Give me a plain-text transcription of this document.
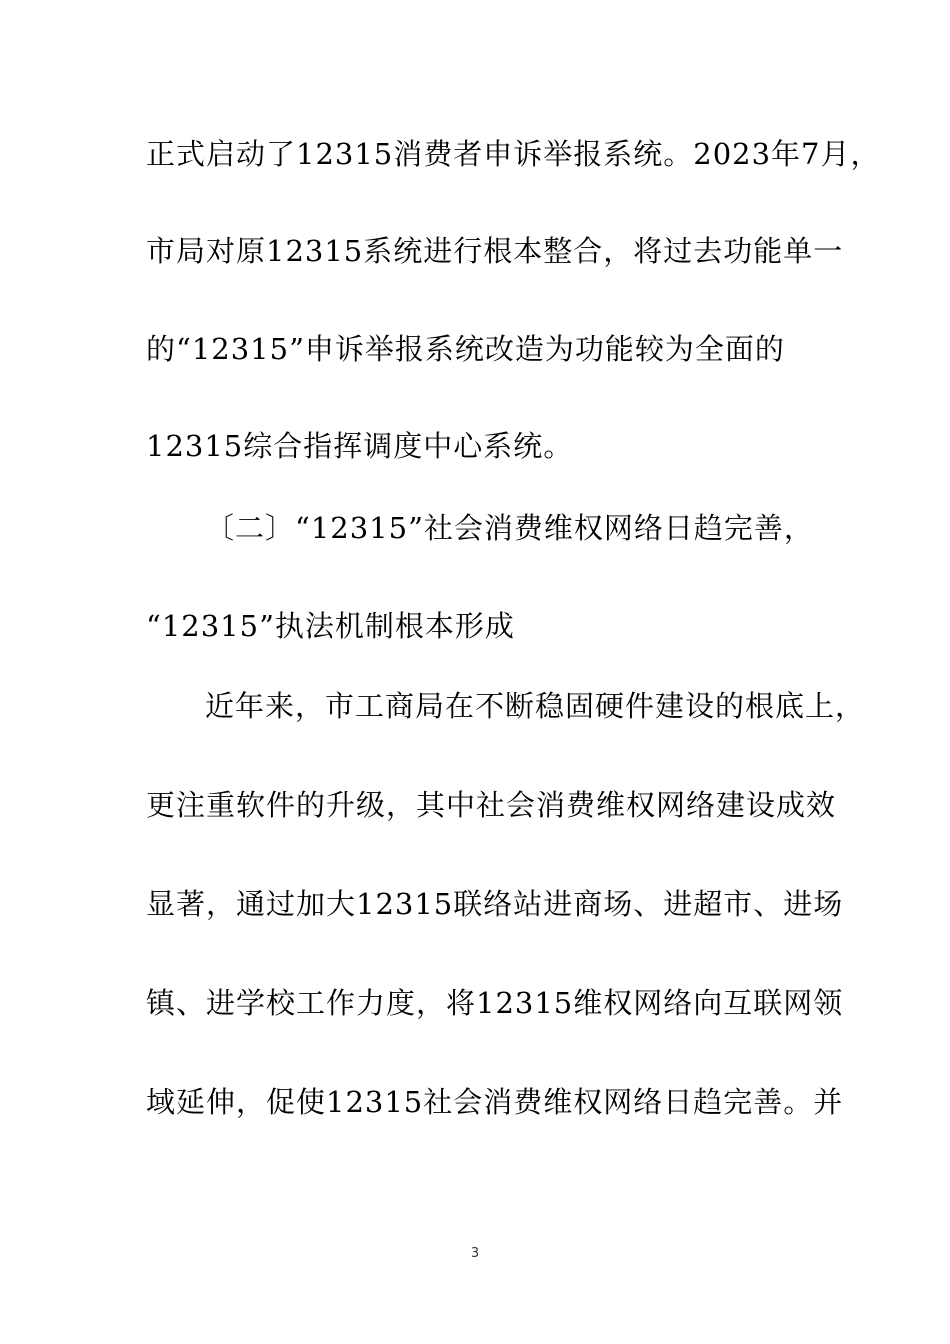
正式启动了12315消费者申诉举报系统。2023年7月，
市局对原12315系统进行根本整合，将过去功能单一
的“12315”申诉举报系统改造为功能较为全面的
12315综合指挥调度中心系统。
〔二〕“12315”社会消费维权网络日趋完善，
“12315”执法机制根本形成
近年来，市工商局在不断稳固硬件建设的根底上，
更注重软件的升级，其中社会消费维权网络建设成效
显著，通过加大12315联络站进商场、进超市、进场
镇、进学校工作力度，将12315维权网络向互联网领
域延伸，促使12315社会消费维权网络日趋完善。并
3
